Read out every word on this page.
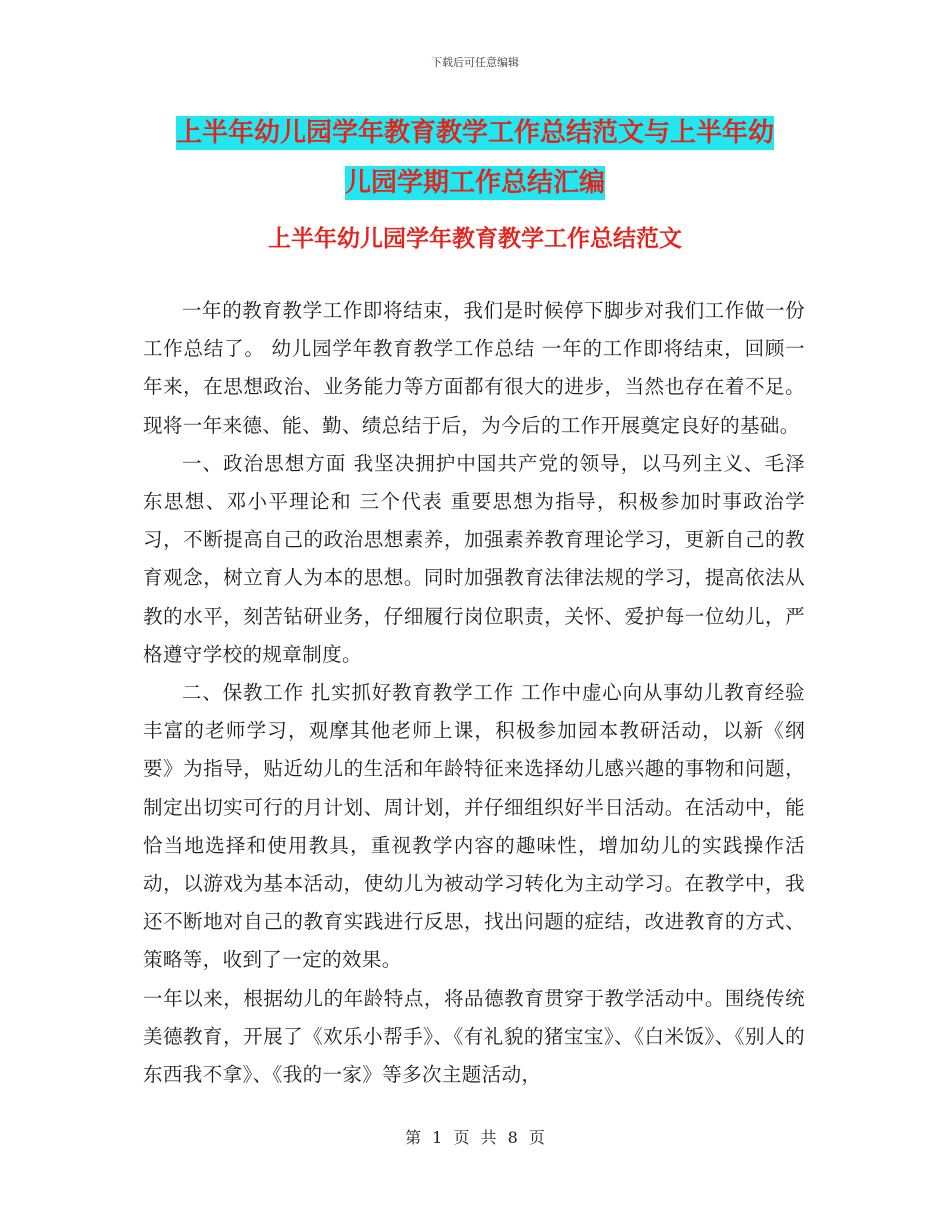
下载后可任意编辑
上半年幼儿园学年教育教学工作总结范文与上半年幼
儿园学期工作总结汇编
上半年幼儿园学年教育教学工作总结范文

一年的教育教学工作即将结束，我们是时候停下脚步对我们工作做一份工作总结了。 幼儿园学年教育教学工作总结 一年的工作即将结束，回顾一年来，在思想政治、业务能力等方面都有很大的进步，当然也存在着不足。现将一年来德、能、勤、绩总结于后，为今后的工作开展奠定良好的基础。

一、政治思想方面 我坚决拥护中国共产党的领导，以马列主义、毛泽东思想、邓小平理论和 三个代表 重要思想为指导，积极参加时事政治学习，不断提高自己的政治思想素养，加强素养教育理论学习，更新自己的教育观念，树立育人为本的思想。同时加强教育法律法规的学习，提高依法从教的水平，刻苦钻研业务，仔细履行岗位职责，关怀、爱护每一位幼儿，严格遵守学校的规章制度。

二、保教工作 扎实抓好教育教学工作 工作中虚心向从事幼儿教育经验丰富的老师学习，观摩其他老师上课，积极参加园本教研活动，以新《纲要》为指导，贴近幼儿的生活和年龄特征来选择幼儿感兴趣的事物和问题，制定出切实可行的月计划、周计划，并仔细组织好半日活动。在活动中，能恰当地选择和使用教具，重视教学内容的趣味性，增加幼儿的实践操作活动，以游戏为基本活动，使幼儿为被动学习转化为主动学习。在教学中，我还不断地对自己的教育实践进行反思，找出问题的症结，改进教育的方式、策略等，收到了一定的效果。

一年以来，根据幼儿的年龄特点，将品德教育贯穿于教学活动中。围绕传统美德教育，开展了《欢乐小帮手》、《有礼貌的猪宝宝》、《白米饭》、《别人的东西我不拿》、《我的一家》等多次主题活动，

第 1 页 共 8 页
